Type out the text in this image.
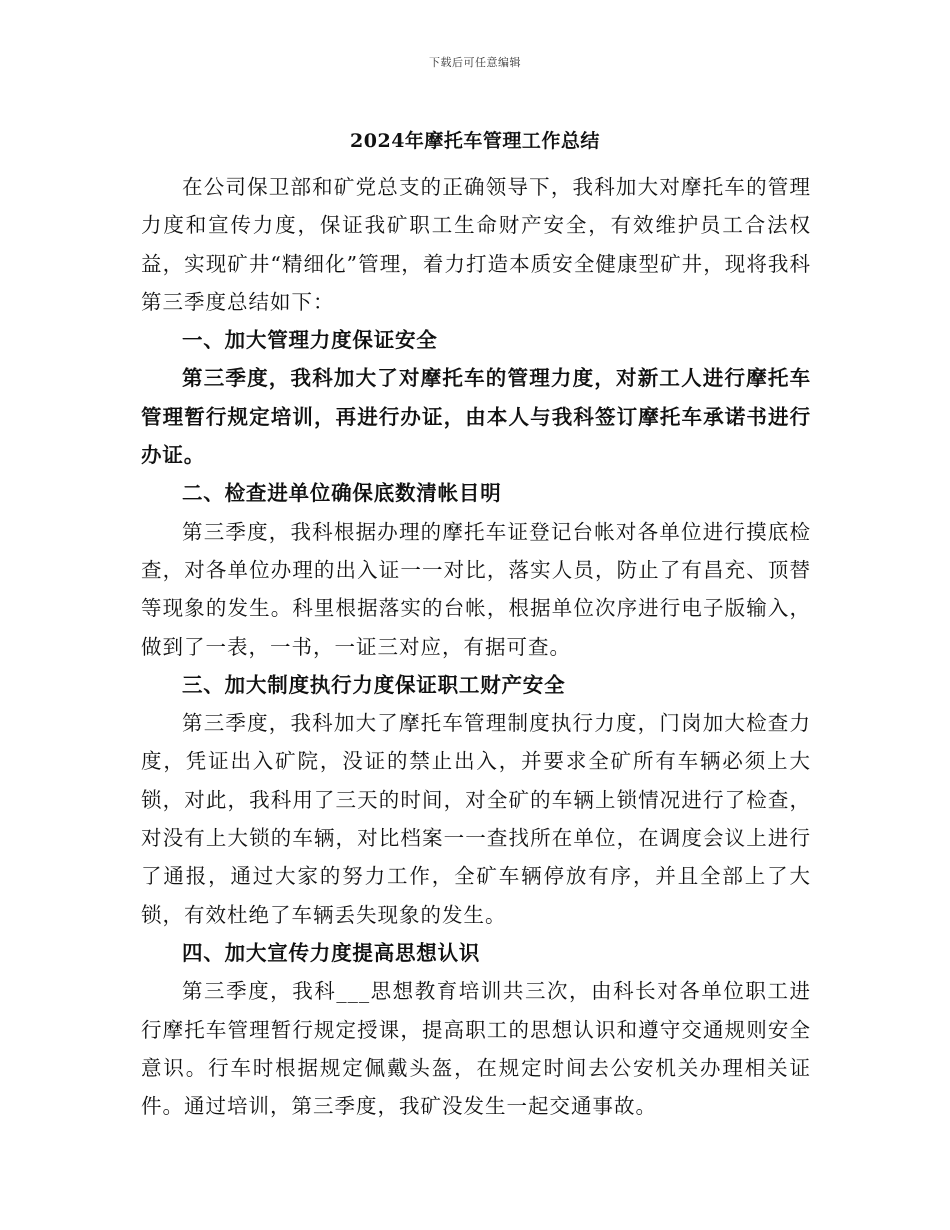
下载后可任意编辑
2024年摩托车管理工作总结

在公司保卫部和矿党总支的正确领导下，我科加大对摩托车的管理力度和宣传力度，保证我矿职工生命财产安全，有效维护员工合法权益，实现矿井“精细化”管理，着力打造本质安全健康型矿井，现将我科第三季度总结如下：

一、加大管理力度保证安全

第三季度，我科加大了对摩托车的管理力度，对新工人进行摩托车管理暂行规定培训，再进行办证，由本人与我科签订摩托车承诺书进行办证。

二、检查进单位确保底数清帐目明

第三季度，我科根据办理的摩托车证登记台帐对各单位进行摸底检查，对各单位办理的出入证一一对比，落实人员，防止了有昌充、顶替等现象的发生。科里根据落实的台帐，根据单位次序进行电子版输入，做到了一表，一书，一证三对应，有据可查。

三、加大制度执行力度保证职工财产安全

第三季度，我科加大了摩托车管理制度执行力度，门岗加大检查力度，凭证出入矿院，没证的禁止出入，并要求全矿所有车辆必须上大锁，对此，我科用了三天的时间，对全矿的车辆上锁情况进行了检查，对没有上大锁的车辆，对比档案一一查找所在单位，在调度会议上进行了通报，通过大家的努力工作，全矿车辆停放有序，并且全部上了大锁，有效杜绝了车辆丢失现象的发生。

四、加大宣传力度提高思想认识

第三季度，我科___思想教育培训共三次，由科长对各单位职工进行摩托车管理暂行规定授课，提高职工的思想认识和遵守交通规则安全意识。行车时根据规定佩戴头盔，在规定时间去公安机关办理相关证件。通过培训，第三季度，我矿没发生一起交通事故。
